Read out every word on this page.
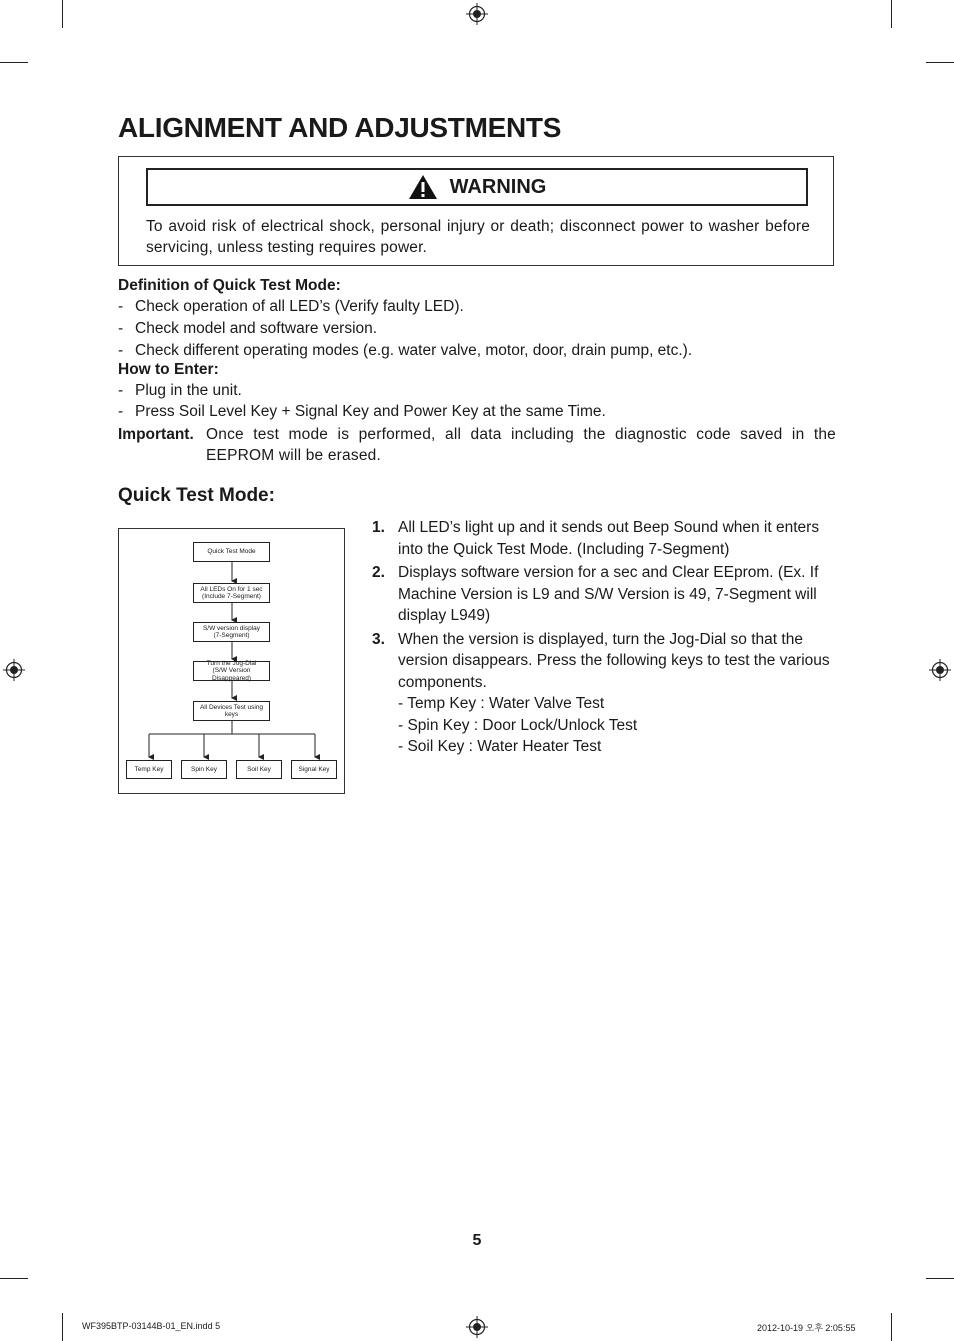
ALIGNMENT AND ADJUSTMENTS
WARNING
To avoid risk of electrical shock, personal injury or death; disconnect power to washer before servicing, unless testing requires power.
Definition of Quick Test Mode:
- Check operation of all LED’s (Verify faulty LED).
- Check model and software version.
- Check different operating modes (e.g. water valve, motor, door, drain pump, etc.).
How to Enter:
- Plug in the unit.
- Press Soil Level Key + Signal Key and Power Key at the same Time.
Important. Once test mode is performed, all data including the diagnostic code saved in the EEPROM will be erased.
Quick Test Mode:
Quick Test Mode
All LEDs On for 1 sec
(Include 7-Segment)
S/W version display
(7-Segment)
Turn the Jog-Dial
(S/W Version Disappeared)
All Devices Test using keys
Temp Key	Spin Key	Soil Key	Signal Key
1. All LED’s light up and it sends out Beep Sound when it enters into the Quick Test Mode. (Including 7-Segment)
2. Displays software version for a sec and Clear EEprom. (Ex. If Machine Version is L9 and S/W Version is 49, 7-Segment will display L949)
3. When the version is displayed, turn the Jog-Dial so that the version disappears. Press the following keys to test the various components.
- Temp Key : Water Valve Test
- Spin Key : Door Lock/Unlock Test
- Soil Key : Water Heater Test
5
WF395BTP-03144B-01_EN.indd 5	2012-10-19 오후 2:05:55
